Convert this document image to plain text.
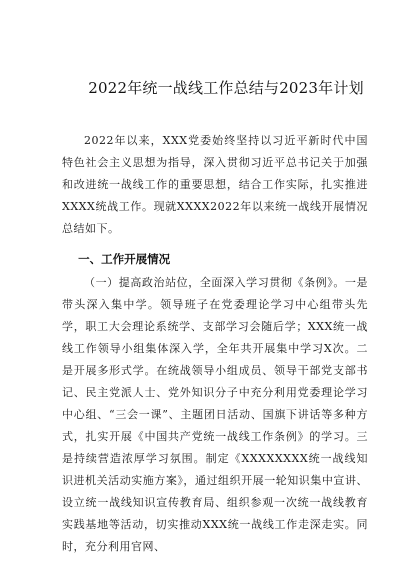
2022年统一战线工作总结与2023年计划

2022年以来，XXX党委始终坚持以习近平新时代中国特色社会主义思想为指导，深入贯彻习近平总书记关于加强和改进统一战线工作的重要思想，结合工作实际，扎实推进XXXX统战工作。现就XXXX2022年以来统一战线开展情况总结如下。

一、工作开展情况

（一）提高政治站位，全面深入学习贯彻《条例》。一是带头深入集中学。领导班子在党委理论学习中心组带头先学，职工大会理论系统学、支部学习会随后学；XXX统一战线工作领导小组集体深入学，全年共开展集中学习X次。二是开展多形式学。在统战领导小组成员、领导干部党支部书记、民主党派人士、党外知识分子中充分利用党委理论学习中心组、“三会一课”、主题团日活动、国旗下讲话等多种方式，扎实开展《中国共产党统一战线工作条例》的学习。三是持续营造浓厚学习氛围。制定《XXXXXXXX统一战线知识进机关活动实施方案》，通过组织开展一轮知识集中宣讲、设立统一战线知识宣传教育局、组织参观一次统一战线教育实践基地等活动，切实推动XXX统一战线工作走深走实。同时，充分利用官网、
